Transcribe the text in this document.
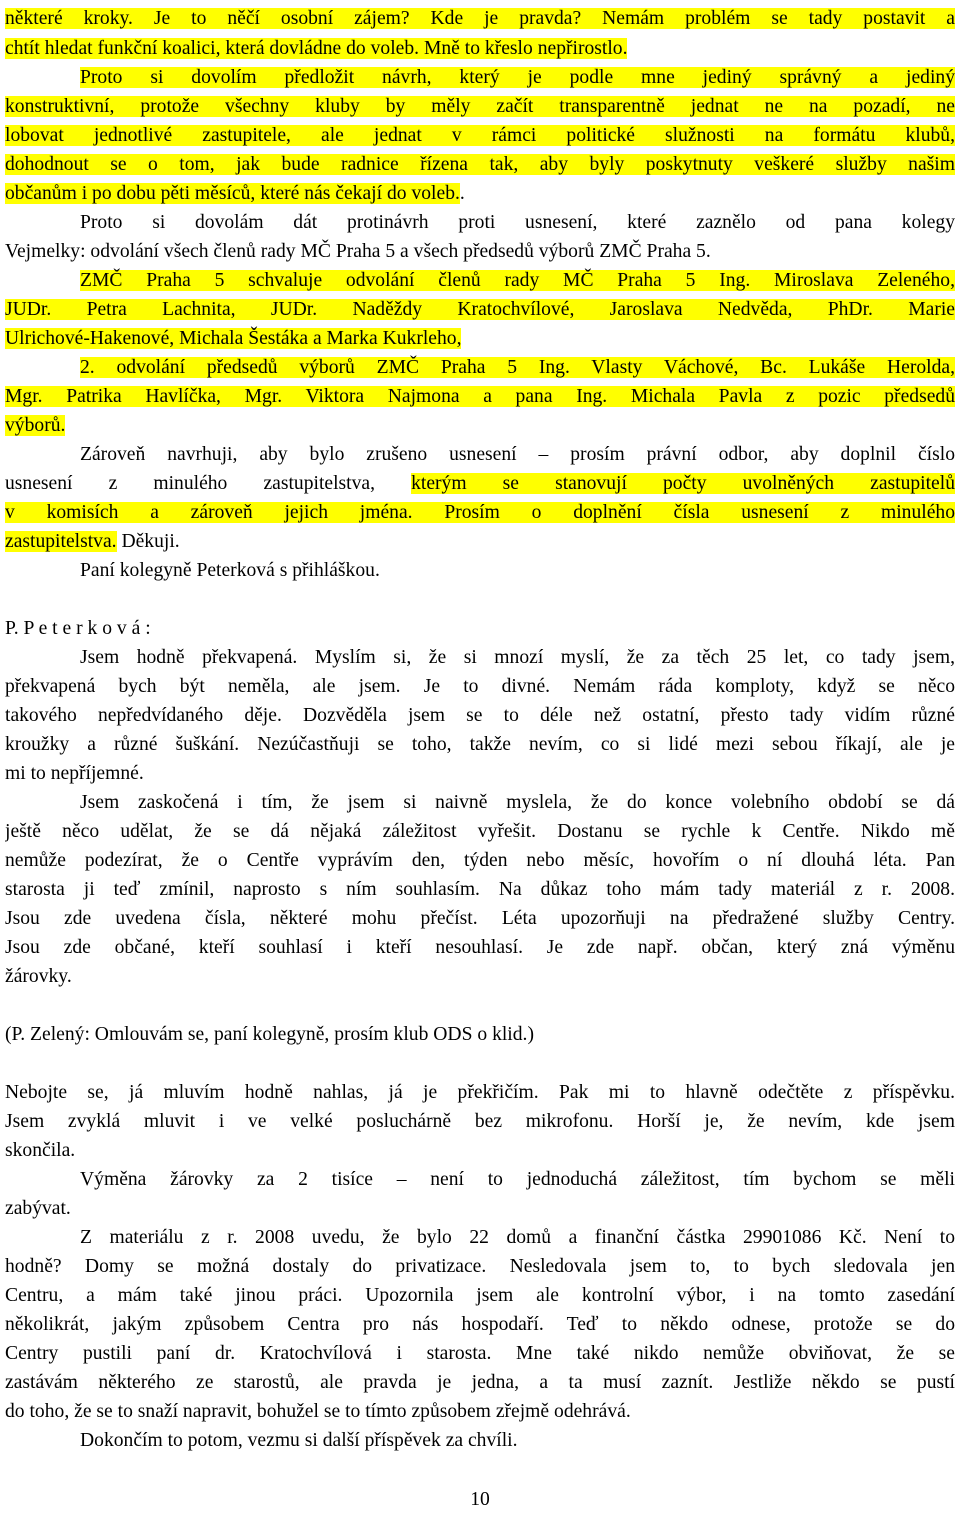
některé kroky. Je to něčí osobní zájem? Kde je pravda? Nemám problém se tady postavit a
chtít hledat funkční koalici, která dovládne do voleb. Mně to křeslo nepřirostlo.
Proto si dovolím předložit návrh, který je podle mne jediný správný a jediný
konstruktivní, protože všechny kluby by měly začít transparentně jednat ne na pozadí, ne
lobovat jednotlivé zastupitele, ale jednat v rámci politické služnosti na formátu klubů,
dohodnout se o tom, jak bude radnice řízena tak, aby byly poskytnuty veškeré služby našim
občanům i po dobu pěti měsíců, které nás čekají do voleb..
Proto si dovolám dát protinávrh proti usnesení, které zaznělo od pana kolegy
Vejmelky: odvolání všech členů rady MČ Praha 5 a všech předsedů výborů ZMČ Praha 5.
ZMČ Praha 5 schvaluje odvolání členů rady MČ Praha 5 Ing. Miroslava Zeleného,
JUDr. Petra Lachnita, JUDr. Naděždy Kratochvílové, Jaroslava Nedvěda, PhDr. Marie
Ulrichové-Hakenové, Michala Šestáka a Marka Kukrleho,
2. odvolání předsedů výborů ZMČ Praha 5 Ing. Vlasty Váchové, Bc. Lukáše Herolda,
Mgr. Patrika Havlíčka, Mgr. Viktora Najmona a pana Ing. Michala Pavla z pozic předsedů
výborů.
Zároveň navrhuji, aby bylo zrušeno usnesení – prosím právní odbor, aby doplnil číslo
usnesení z minulého zastupitelstva, kterým se stanovují počty uvolněných zastupitelů
v komisích a zároveň jejich jména. Prosím o doplnění čísla usnesení z minulého
zastupitelstva. Děkuji.
Paní kolegyně Peterková s přihláškou.
P. P e t e r k o v á :
Jsem hodně překvapená. Myslím si, že si mnozí myslí, že za těch 25 let, co tady jsem,
překvapená bych být neměla, ale jsem. Je to divné. Nemám ráda komploty, když se něco
takového nepředvídaného děje. Dozvěděla jsem se to déle než ostatní, přesto tady vidím různé
kroužky a různé šuškání. Nezúčastňuji se toho, takže nevím, co si lidé mezi sebou říkají, ale je
mi to nepříjemné.
Jsem zaskočená i tím, že jsem si naivně myslela, že do konce volebního období se dá
ještě něco udělat, že se dá nějaká záležitost vyřešit. Dostanu se rychle k Centře. Nikdo mě
nemůže podezírat, že o Centře vyprávím den, týden nebo měsíc, hovořím o ní dlouhá léta. Pan
starosta ji teď zmínil, naprosto s ním souhlasím. Na důkaz toho mám tady materiál z r. 2008.
Jsou zde uvedena čísla, některé mohu přečíst. Léta upozorňuji na předražené služby Centry.
Jsou zde občané, kteří souhlasí i kteří nesouhlasí. Je zde např. občan, který zná výměnu
žárovky.
(P. Zelený: Omlouvám se, paní kolegyně, prosím klub ODS o klid.)
Nebojte se, já mluvím hodně nahlas, já je překřičím. Pak mi to hlavně odečtěte z příspěvku.
Jsem zvyklá mluvit i ve velké posluchárně bez mikrofonu. Horší je, že nevím, kde jsem
skončila.
Výměna žárovky za 2 tisíce – není to jednoduchá záležitost, tím bychom se měli
zabývat.
Z materiálu z r. 2008 uvedu, že bylo 22 domů a finanční částka 29901086 Kč. Není to
hodně? Domy se možná dostaly do privatizace. Nesledovala jsem to, to bych sledovala jen
Centru, a mám také jinou práci. Upozornila jsem ale kontrolní výbor, i na tomto zasedání
několikrát, jakým způsobem Centra pro nás hospodaří. Teď to někdo odnese, protože se do
Centry pustili paní dr. Kratochvílová i starosta. Mne také nikdo nemůže obviňovat, že se
zastávám některého ze starostů, ale pravda je jedna, a ta musí zaznít. Jestliže někdo se pustí
do toho, že se to snaží napravit, bohužel se to tímto způsobem zřejmě odehrává.
Dokončím to potom, vezmu si další příspěvek za chvíli.
10
